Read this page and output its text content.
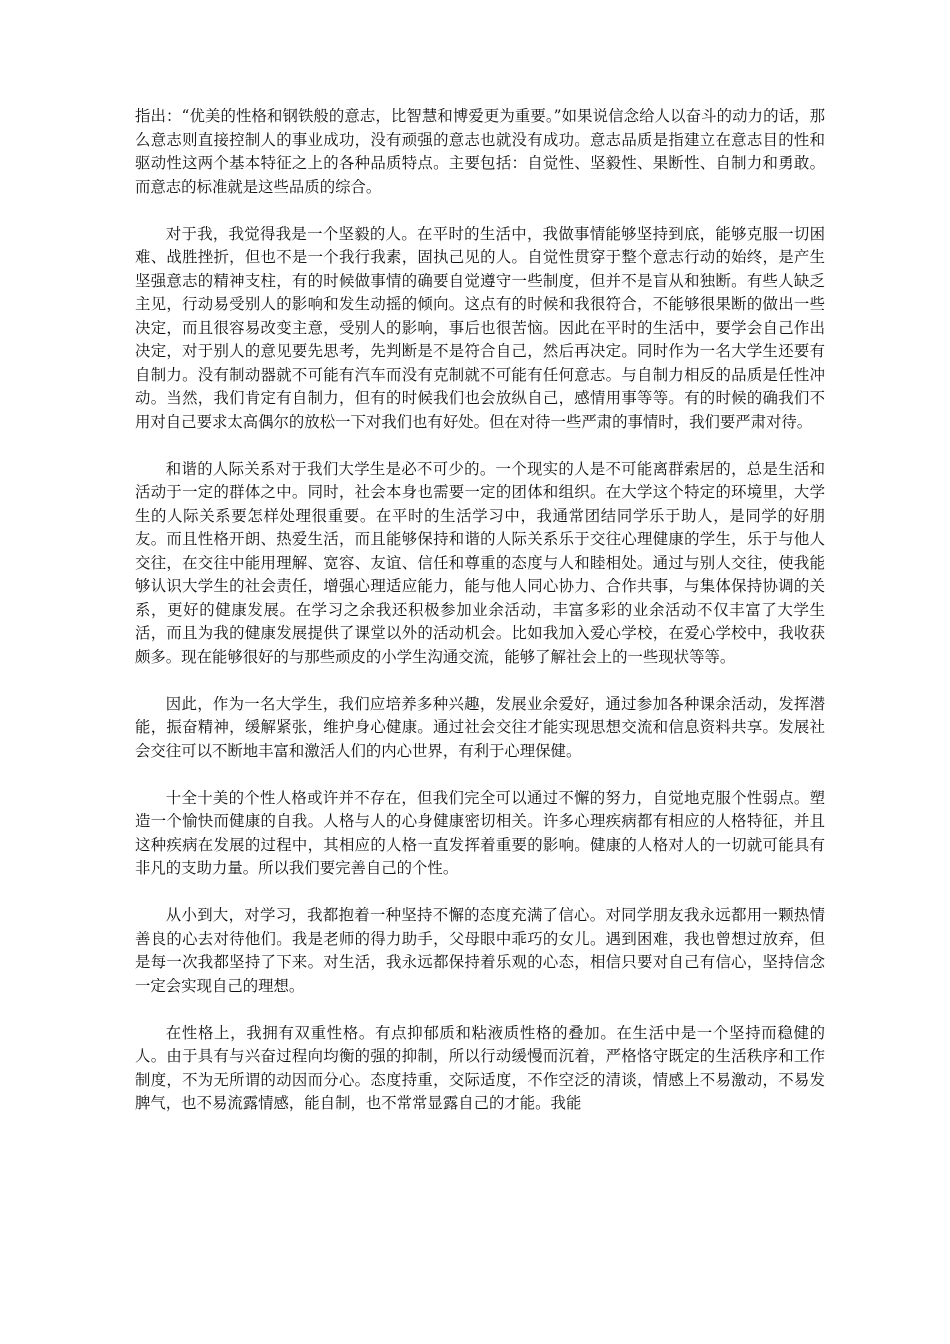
指出：“优美的性格和钢铁般的意志，比智慧和博爱更为重要。”如果说信念给人以奋斗的动力的话，那么意志则直接控制人的事业成功，没有顽强的意志也就没有成功。意志品质是指建立在意志目的性和驱动性这两个基本特征之上的各种品质特点。主要包括：自觉性、坚毅性、果断性、自制力和勇敢。而意志的标准就是这些品质的综合。

对于我，我觉得我是一个坚毅的人。在平时的生活中，我做事情能够坚持到底，能够克服一切困难、战胜挫折，但也不是一个我行我素，固执己见的人。自觉性贯穿于整个意志行动的始终，是产生坚强意志的精神支柱，有的时候做事情的确要自觉遵守一些制度，但并不是盲从和独断。有些人缺乏主见，行动易受别人的影响和发生动摇的倾向。这点有的时候和我很符合，不能够很果断的做出一些决定，而且很容易改变主意，受别人的影响，事后也很苦恼。因此在平时的生活中，要学会自己作出决定，对于别人的意见要先思考，先判断是不是符合自己，然后再决定。同时作为一名大学生还要有自制力。没有制动器就不可能有汽车而没有克制就不可能有任何意志。与自制力相反的品质是任性冲动。当然，我们肯定有自制力，但有的时候我们也会放纵自己，感情用事等等。有的时候的确我们不用对自己要求太高偶尔的放松一下对我们也有好处。但在对待一些严肃的事情时，我们要严肃对待。

和谐的人际关系对于我们大学生是必不可少的。一个现实的人是不可能离群索居的，总是生活和活动于一定的群体之中。同时，社会本身也需要一定的团体和组织。在大学这个特定的环境里，大学生的人际关系要怎样处理很重要。在平时的生活学习中，我通常团结同学乐于助人，是同学的好朋友。而且性格开朗、热爱生活，而且能够保持和谐的人际关系乐于交往心理健康的学生，乐于与他人交往，在交往中能用理解、宽容、友谊、信任和尊重的态度与人和睦相处。通过与别人交往，使我能够认识大学生的社会责任，增强心理适应能力，能与他人同心协力、合作共事，与集体保持协调的关系，更好的健康发展。在学习之余我还积极参加业余活动，丰富多彩的业余活动不仅丰富了大学生活，而且为我的健康发展提供了课堂以外的活动机会。比如我加入爱心学校，在爱心学校中，我收获颇多。现在能够很好的与那些顽皮的小学生沟通交流，能够了解社会上的一些现状等等。

因此，作为一名大学生，我们应培养多种兴趣，发展业余爱好，通过参加各种课余活动，发挥潜能，振奋精神，缓解紧张，维护身心健康。通过社会交往才能实现思想交流和信息资料共享。发展社会交往可以不断地丰富和激活人们的内心世界，有利于心理保健。

十全十美的个性人格或许并不存在，但我们完全可以通过不懈的努力，自觉地克服个性弱点。塑造一个愉快而健康的自我。人格与人的心身健康密切相关。许多心理疾病都有相应的人格特征，并且这种疾病在发展的过程中，其相应的人格一直发挥着重要的影响。健康的人格对人的一切就可能具有非凡的支助力量。所以我们要完善自己的个性。

从小到大，对学习，我都抱着一种坚持不懈的态度充满了信心。对同学朋友我永远都用一颗热情善良的心去对待他们。我是老师的得力助手，父母眼中乖巧的女儿。遇到困难，我也曾想过放弃，但是每一次我都坚持了下来。对生活，我永远都保持着乐观的心态，相信只要对自己有信心，坚持信念一定会实现自己的理想。

在性格上，我拥有双重性格。有点抑郁质和粘液质性格的叠加。在生活中是一个坚持而稳健的人。由于具有与兴奋过程向均衡的强的抑制，所以行动缓慢而沉着，严格恪守既定的生活秩序和工作制度，不为无所谓的动因而分心。态度持重，交际适度，不作空泛的清谈，情感上不易激动，不易发脾气，也不易流露情感，能自制，也不常常显露自己的才能。我能
